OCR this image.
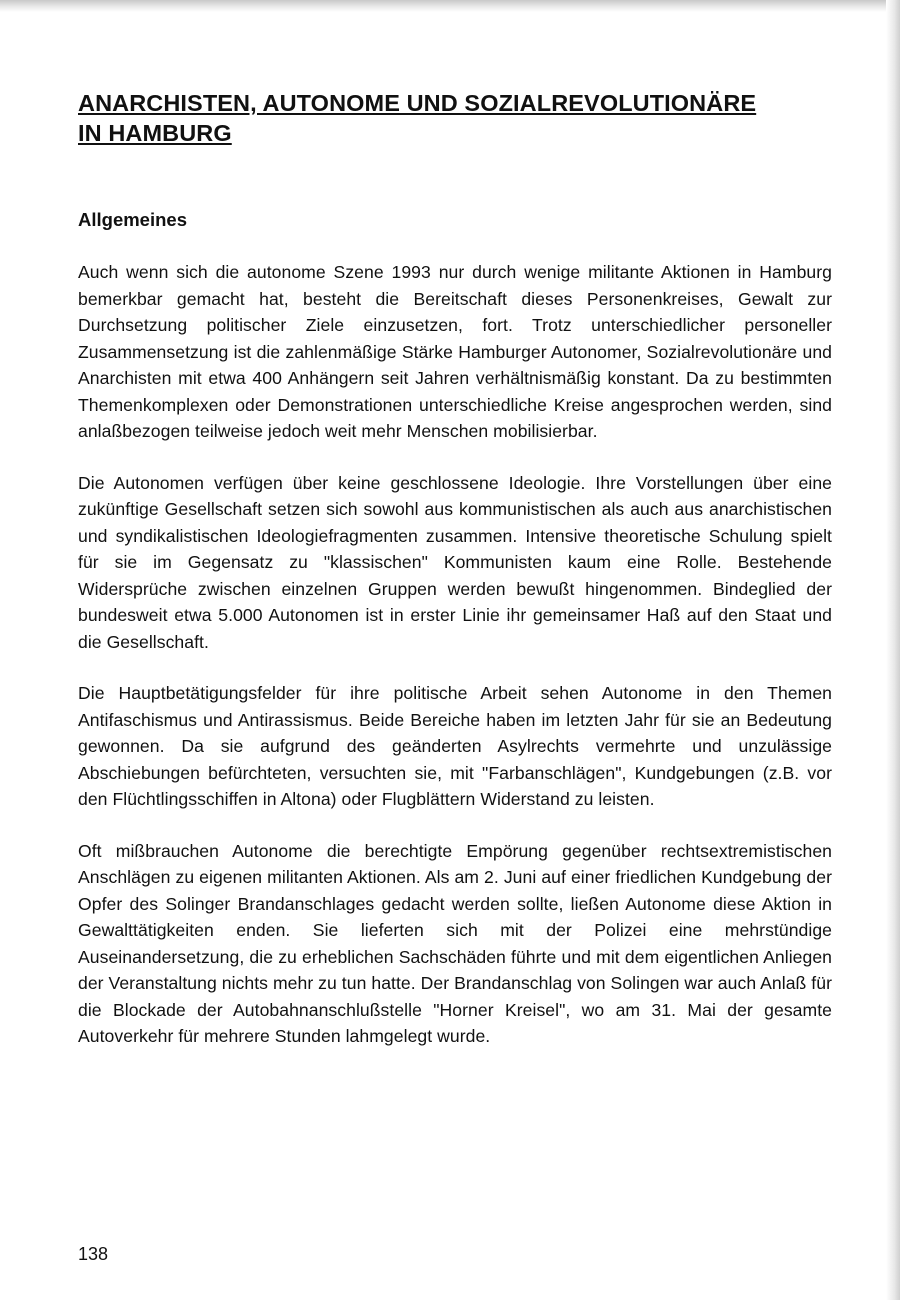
ANARCHISTEN, AUTONOME UND SOZIALREVOLUTIONÄRE
IN HAMBURG
Allgemeines

Auch wenn sich die autonome Szene 1993 nur durch wenige militante Aktionen in Hamburg bemerkbar gemacht hat, besteht die Bereitschaft dieses Personenkreises, Gewalt zur Durchsetzung politischer Ziele einzusetzen, fort. Trotz unterschiedlicher personeller Zusammensetzung ist die zahlenmäßige Stärke Hamburger Autonomer, Sozialrevolutionäre und Anarchisten mit etwa 400 Anhängern seit Jahren verhältnismäßig konstant. Da zu bestimmten Themenkomplexen oder Demonstrationen unterschiedliche Kreise angesprochen werden, sind anlaßbezogen teilweise jedoch weit mehr Menschen mobilisierbar.

Die Autonomen verfügen über keine geschlossene Ideologie. Ihre Vorstellungen über eine zukünftige Gesellschaft setzen sich sowohl aus kommunistischen als auch aus anarchistischen und syndikalistischen Ideologiefragmenten zusammen. Intensive theoretische Schulung spielt für sie im Gegensatz zu "klassischen" Kommunisten kaum eine Rolle. Bestehende Widersprüche zwischen einzelnen Gruppen werden bewußt hingenommen. Bindeglied der bundesweit etwa 5.000 Autonomen ist in erster Linie ihr gemeinsamer Haß auf den Staat und die Gesellschaft.

Die Hauptbetätigungsfelder für ihre politische Arbeit sehen Autonome in den Themen Antifaschismus und Antirassismus. Beide Bereiche haben im letzten Jahr für sie an Bedeutung gewonnen. Da sie aufgrund des geänderten Asylrechts vermehrte und unzulässige Abschiebungen befürchteten, versuchten sie, mit "Farbanschlägen", Kundgebungen (z.B. vor den Flüchtlingsschiffen in Altona) oder Flugblättern Widerstand zu leisten.

Oft mißbrauchen Autonome die berechtigte Empörung gegenüber rechtsextremistischen Anschlägen zu eigenen militanten Aktionen. Als am 2. Juni auf einer friedlichen Kundgebung der Opfer des Solinger Brandanschlages gedacht werden sollte, ließen Autonome diese Aktion in Gewalttätigkeiten enden. Sie lieferten sich mit der Polizei eine mehrstündige Auseinandersetzung, die zu erheblichen Sachschäden führte und mit dem eigentlichen Anliegen der Veranstaltung nichts mehr zu tun hatte. Der Brandanschlag von Solingen war auch Anlaß für die Blockade der Autobahnanschlußstelle "Horner Kreisel", wo am 31. Mai der gesamte Autoverkehr für mehrere Stunden lahmgelegt wurde.

138
